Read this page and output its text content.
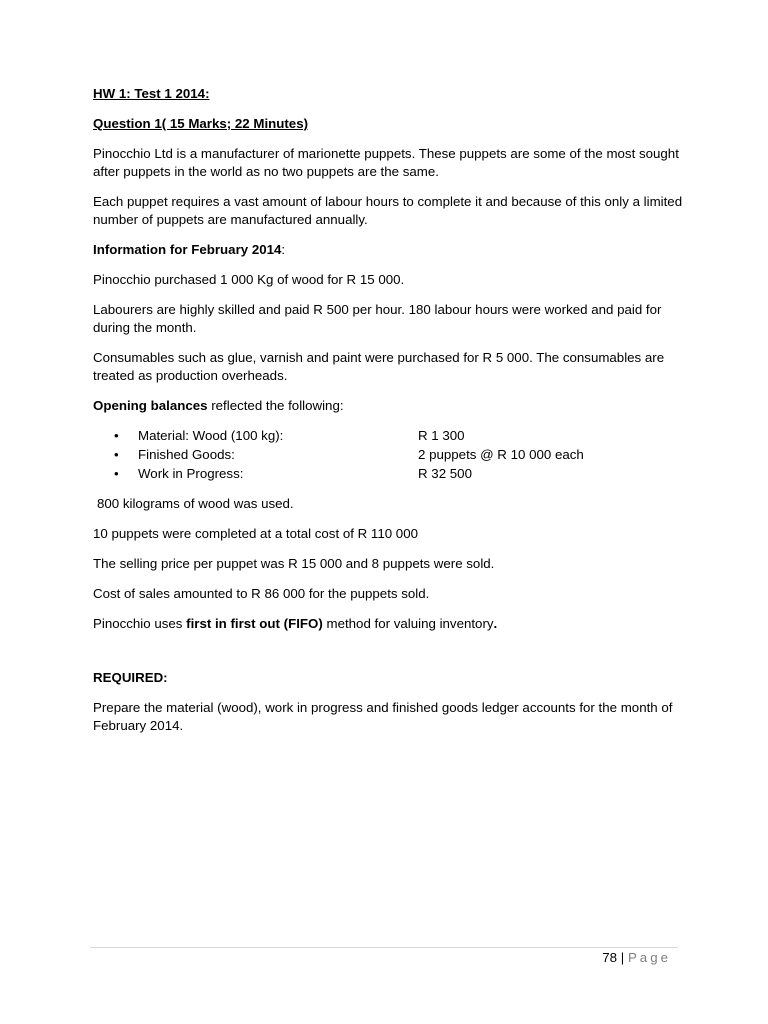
HW 1: Test 1 2014:

Question 1( 15 Marks; 22 Minutes)

Pinocchio Ltd is a manufacturer of marionette puppets. These puppets are some of the most sought after puppets in the world as no two puppets are the same.

Each puppet requires a vast amount of labour hours to complete it and because of this only a limited number of puppets are manufactured annually.

Information for February 2014:

Pinocchio purchased 1 000 Kg of wood for R 15 000.

Labourers are highly skilled and paid R 500 per hour. 180 labour hours were worked and paid for during the month.

Consumables such as glue, varnish and paint were purchased for R 5 000. The consumables are treated as production overheads.

Opening balances reflected the following:

• Material: Wood (100 kg):	R 1 300
• Finished Goods:	2 puppets @ R 10 000 each
• Work in Progress:	R 32 500

800 kilograms of wood was used.

10 puppets were completed at a total cost of R 110 000

The selling price per puppet was R 15 000 and 8 puppets were sold.

Cost of sales amounted to R 86 000 for the puppets sold.

Pinocchio uses first in first out (FIFO) method for valuing inventory.

REQUIRED:

Prepare the material (wood), work in progress and finished goods ledger accounts for the month of February 2014.

78 | Page
